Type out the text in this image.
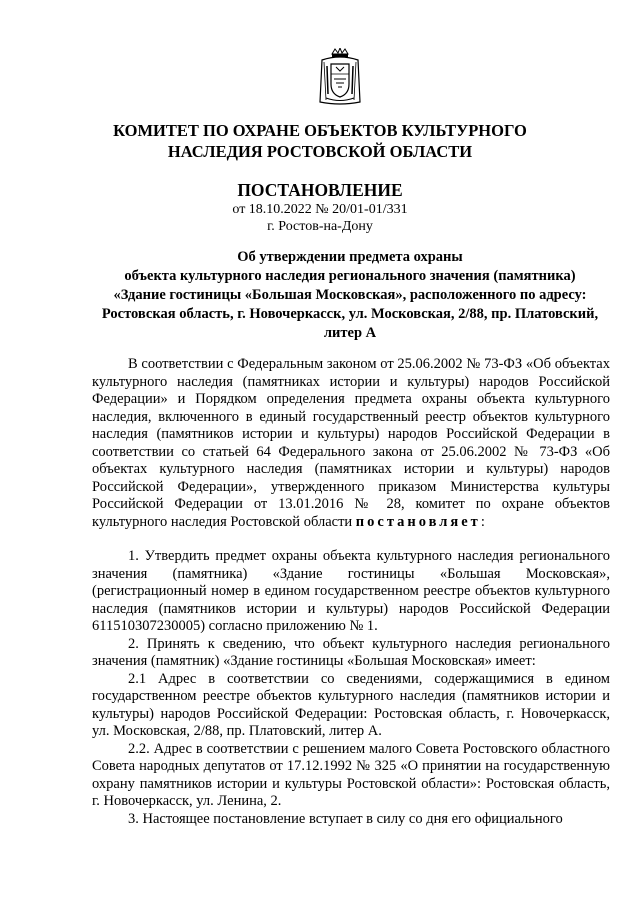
КОМИТЕТ ПО ОХРАНЕ ОБЪЕКТОВ КУЛЬТУРНОГО
НАСЛЕДИЯ РОСТОВСКОЙ ОБЛАСТИ
ПОСТАНОВЛЕНИЕ
от 18.10.2022 № 20/01-01/331
г. Ростов-на-Дону
Об утверждении предмета охраны
объекта культурного наследия регионального значения (памятника)
«Здание гостиницы «Большая Московская», расположенного по адресу:
Ростовская область, г. Новочеркасск, ул. Московская, 2/88, пр. Платовский,
литер А

В соответствии с Федеральным законом от 25.06.2002 № 73-ФЗ «Об объектах культурного наследия (памятниках истории и культуры) народов Российской Федерации» и Порядком определения предмета охраны объекта культурного наследия, включенного в единый государственный реестр объектов культурного наследия (памятников истории и культуры) народов Российской Федерации в соответствии со статьей 64 Федерального закона от 25.06.2002 № 73-ФЗ «Об объектах культурного наследия (памятниках истории и культуры) народов Российской Федерации», утвержденного приказом Министерства культуры Российской Федерации от 13.01.2016 № 28, комитет по охране объектов культурного наследия Ростовской области постановляет:

1. Утвердить предмет охраны объекта культурного наследия регионального значения (памятника) «Здание гостиницы «Большая Московская», (регистрационный номер в едином государственном реестре объектов культурного наследия (памятников истории и культуры) народов Российской Федерации 611510307230005) согласно приложению № 1.

2. Принять к сведению, что объект культурного наследия регионального значения (памятник) «Здание гостиницы «Большая Московская» имеет:

2.1 Адрес в соответствии со сведениями, содержащимися в едином государственном реестре объектов культурного наследия (памятников истории и культуры) народов Российской Федерации: Ростовская область, г. Новочеркасск, ул. Московская, 2/88, пр. Платовский, литер А.

2.2. Адрес в соответствии с решением малого Совета Ростовского областного Совета народных депутатов от 17.12.1992 № 325 «О принятии на государственную охрану памятников истории и культуры Ростовской области»: Ростовская область, г. Новочеркасск, ул. Ленина, 2.

3. Настоящее постановление вступает в силу со дня его официального
